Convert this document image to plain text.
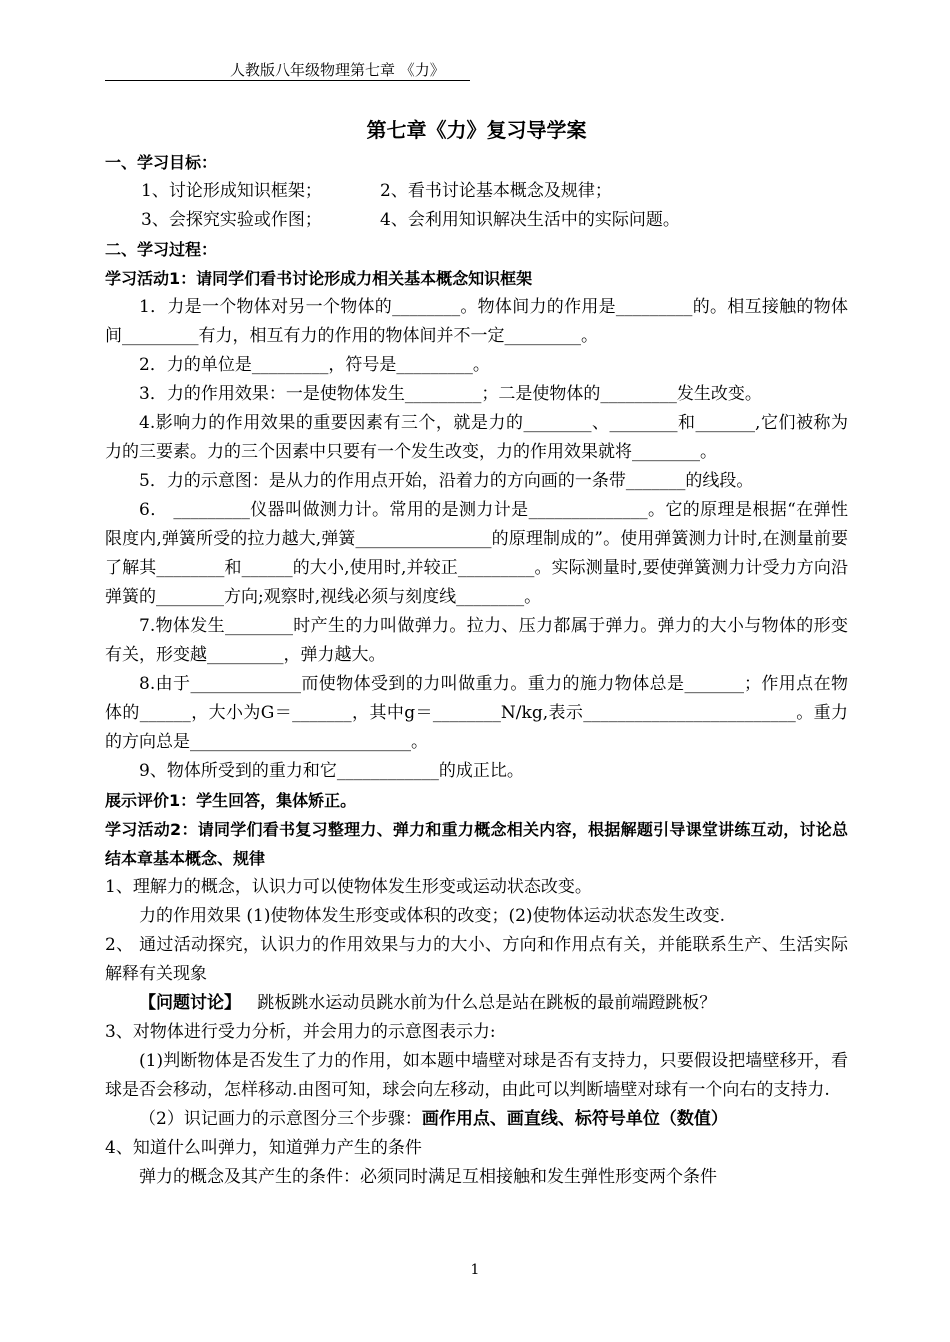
人教版八年级物理第七章 《力》

第七章《力》复习导学案

一、学习目标：

1、讨论形成知识框架；	2、看书讨论基本概念及规律；
3、会探究实验或作图；	4、会利用知识解决生活中的实际问题。

二、学习过程：

学习活动1：请同学们看书讨论形成力相关基本概念知识框架

1．力是一个物体对另一个物体的________。物体间力的作用是_________的。相互接触的物体间_________有力，相互有力的作用的物体间并不一定_________。

2．力的单位是_________，符号是_________。

3．力的作用效果：一是使物体发生_________；二是使物体的_________发生改变。

4.影响力的作用效果的重要因素有三个，就是力的________、________和_______,它们被称为力的三要素。力的三个因素中只要有一个发生改变，力的作用效果就将________。

5．力的示意图：是从力的作用点开始，沿着力的方向画的一条带_______的线段。

6． _________仪器叫做测力计。常用的是测力计是______________。它的原理是根据“在弹性限度内,弹簧所受的拉力越大,弹簧________________的原理制成的”。使用弹簧测力计时,在测量前要了解其________和______的大小,使用时,并较正_________。实际测量时,要使弹簧测力计受力方向沿弹簧的________方向;观察时,视线必须与刻度线________。

7.物体发生________时产生的力叫做弹力。拉力、压力都属于弹力。弹力的大小与物体的形变有关，形变越_________，弹力越大。

8.由于_____________而使物体受到的力叫做重力。重力的施力物体总是_______；作用点在物体的______，大小为G＝_______，其中g＝________N/kg,表示_________________________。重力的方向总是__________________________。

9、物体所受到的重力和它____________的成正比。

展示评价1：学生回答，集体矫正。

学习活动2：请同学们看书复习整理力、弹力和重力概念相关内容，根据解题引导课堂讲练互动，讨论总结本章基本概念、规律

1、理解力的概念，认识力可以使物体发生形变或运动状态改变。

力的作用效果 (1)使物体发生形变或体积的改变；(2)使物体运动状态发生改变.

2、 通过活动探究，认识力的作用效果与力的大小、方向和作用点有关，并能联系生产、生活实际解释有关现象

【问题讨论】 跳板跳水运动员跳水前为什么总是站在跳板的最前端蹬跳板？

3、对物体进行受力分析，并会用力的示意图表示力:

(1)判断物体是否发生了力的作用，如本题中墙壁对球是否有支持力，只要假设把墙壁移开，看球是否会移动，怎样移动.由图可知，球会向左移动，由此可以判断墙壁对球有一个向右的支持力.

（2）识记画力的示意图分三个步骤：画作用点、画直线、标符号单位（数值）

4、知道什么叫弹力，知道弹力产生的条件

弹力的概念及其产生的条件：必须同时满足互相接触和发生弹性形变两个条件

1
